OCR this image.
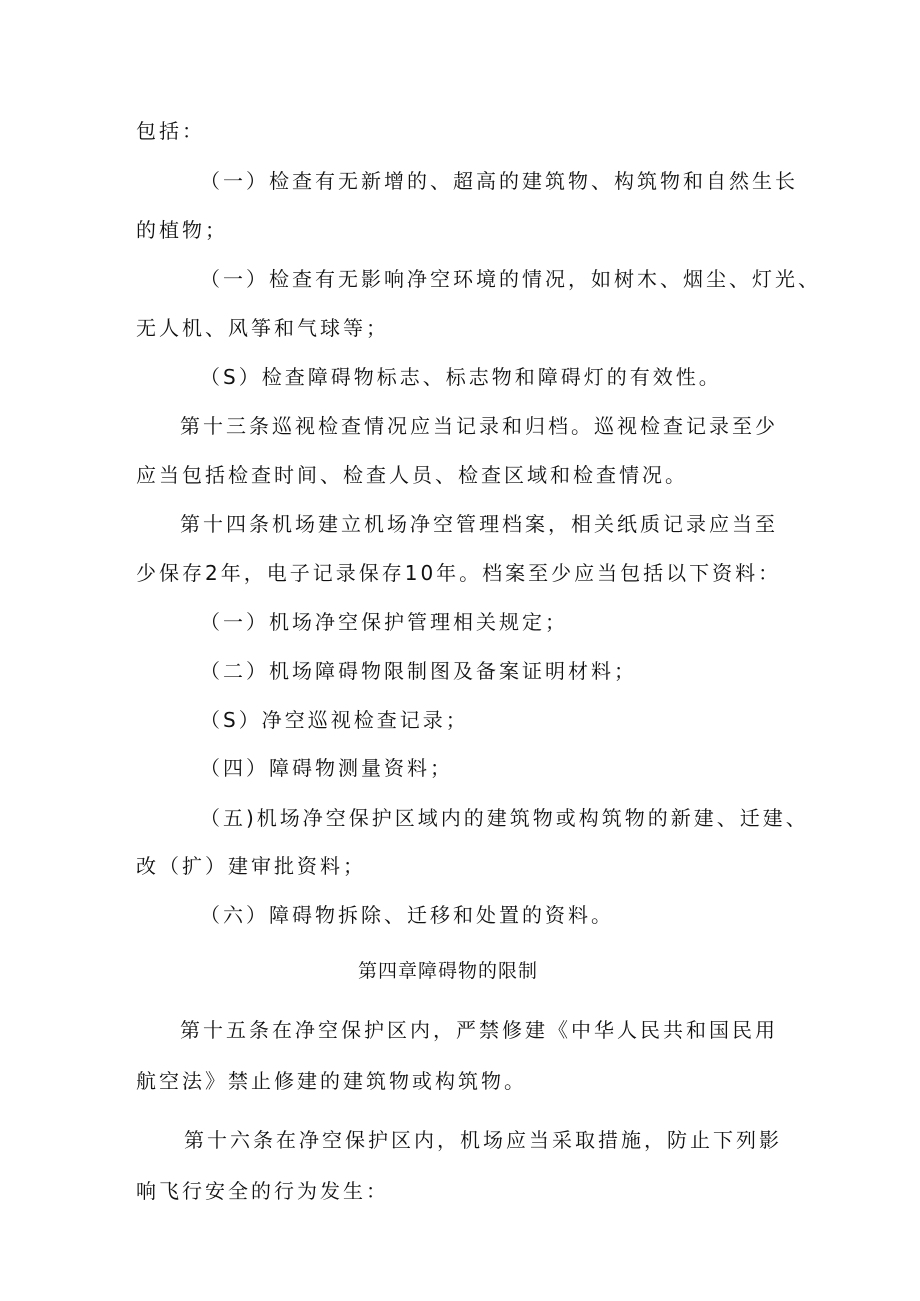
包括：
（一）检查有无新增的、超高的建筑物、构筑物和自然生长
的植物；
（一）检查有无影响净空环境的情况，如树木、烟尘、灯光、
无人机、风筝和气球等；
（S）检查障碍物标志、标志物和障碍灯的有效性。
第十三条巡视检查情况应当记录和归档。巡视检查记录至少
应当包括检查时间、检查人员、检查区域和检查情况。
第十四条机场建立机场净空管理档案，相关纸质记录应当至
少保存2年，电子记录保存10年。档案至少应当包括以下资料：
（一）机场净空保护管理相关规定；
（二）机场障碍物限制图及备案证明材料；
（S）净空巡视检查记录；
（四）障碍物测量资料；
（五)机场净空保护区域内的建筑物或构筑物的新建、迁建、
改（扩）建审批资料；
（六）障碍物拆除、迁移和处置的资料。
第四章障碍物的限制
第十五条在净空保护区内，严禁修建《中华人民共和国民用
航空法》禁止修建的建筑物或构筑物。
第十六条在净空保护区内，机场应当采取措施，防止下列影
响飞行安全的行为发生：
